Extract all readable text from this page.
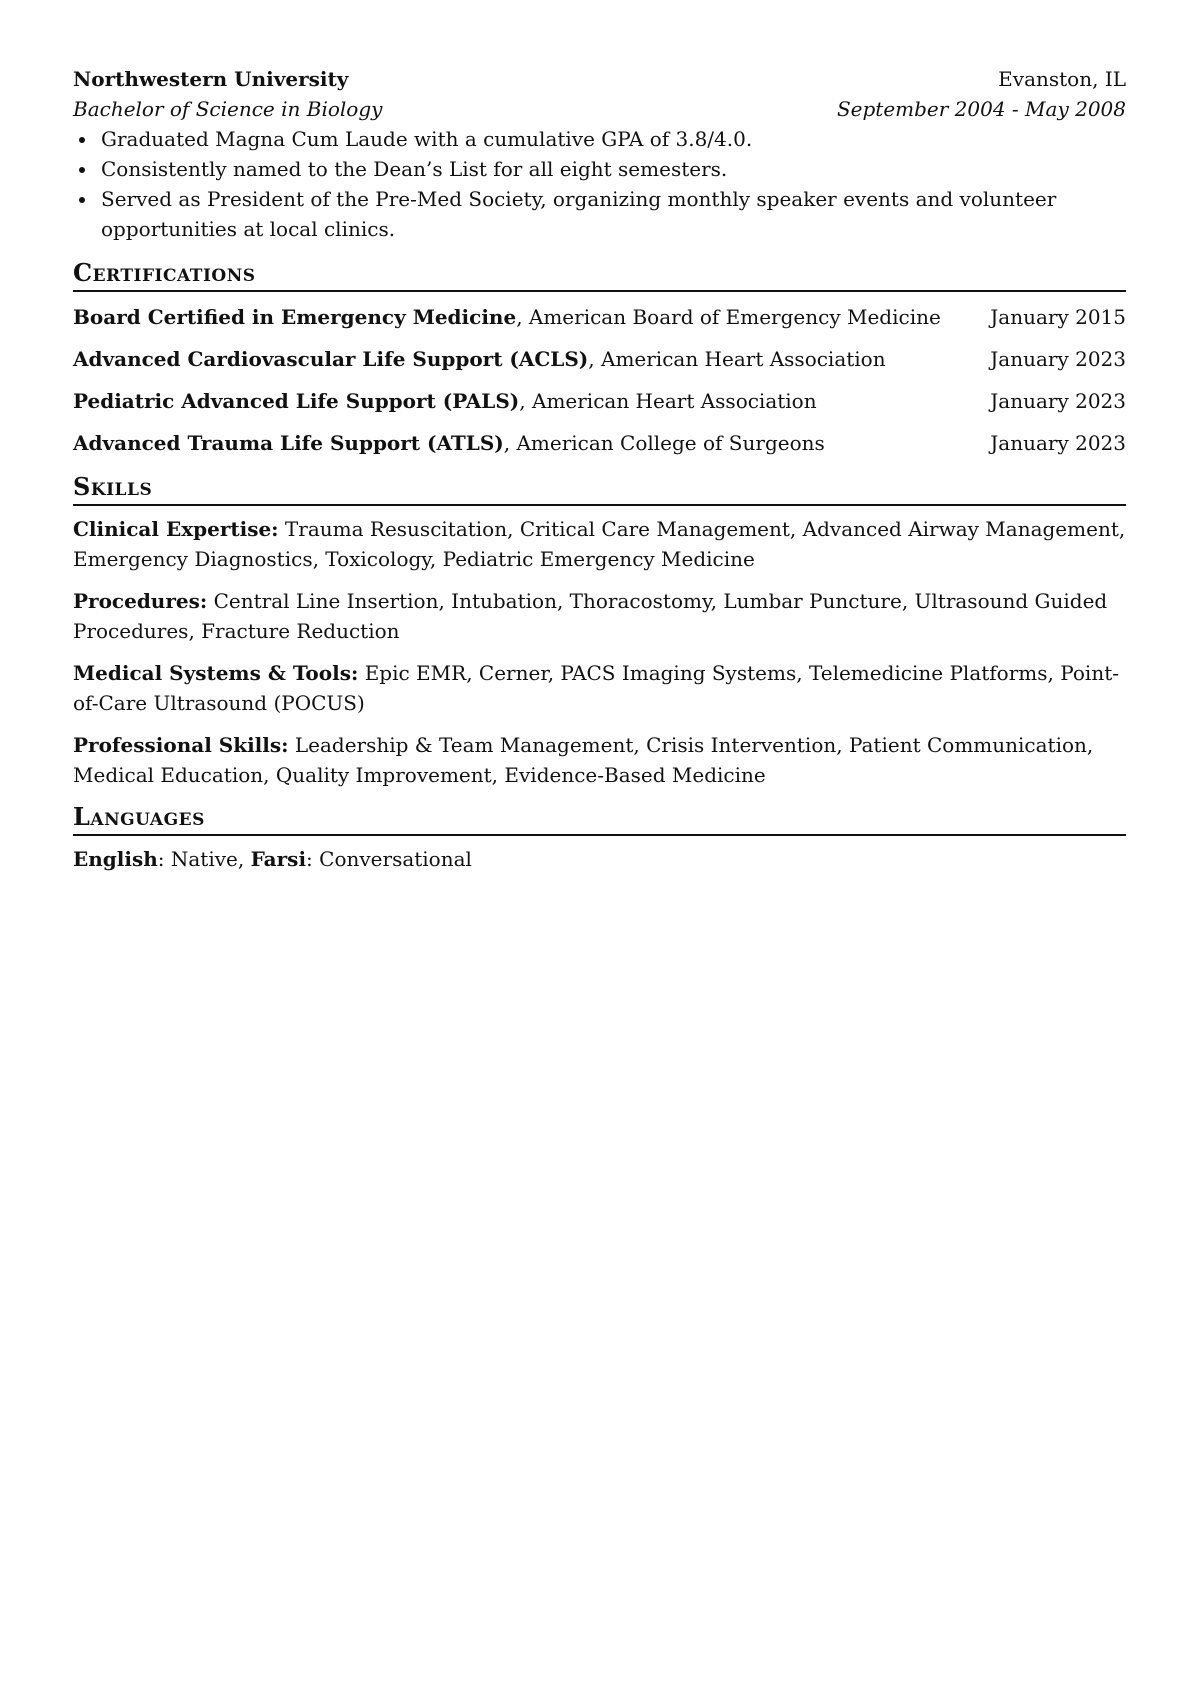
Northwestern University	Evanston, IL
Bachelor of Science in Biology	September 2004 - May 2008
Graduated Magna Cum Laude with a cumulative GPA of 3.8/4.0.
Consistently named to the Dean’s List for all eight semesters.
Served as President of the Pre-Med Society, organizing monthly speaker events and volunteer opportunities at local clinics.
Certifications
Board Certified in Emergency Medicine, American Board of Emergency Medicine January 2015
Advanced Cardiovascular Life Support (ACLS), American Heart Association	January 2023
Pediatric Advanced Life Support (PALS), American Heart Association	January 2023
Advanced Trauma Life Support (ATLS), American College of Surgeons	January 2023
Skills
Clinical Expertise: Trauma Resuscitation, Critical Care Management, Advanced Airway Management, Emergency Diagnostics, Toxicology, Pediatric Emergency Medicine
Procedures: Central Line Insertion, Intubation, Thoracostomy, Lumbar Puncture, Ultrasound Guided Procedures, Fracture Reduction
Medical Systems & Tools: Epic EMR, Cerner, PACS Imaging Systems, Telemedicine Platforms, Point-of-Care Ultrasound (POCUS)
Professional Skills: Leadership & Team Management, Crisis Intervention, Patient Communication, Medical Education, Quality Improvement, Evidence-Based Medicine
Languages
English: Native, Farsi: Conversational
